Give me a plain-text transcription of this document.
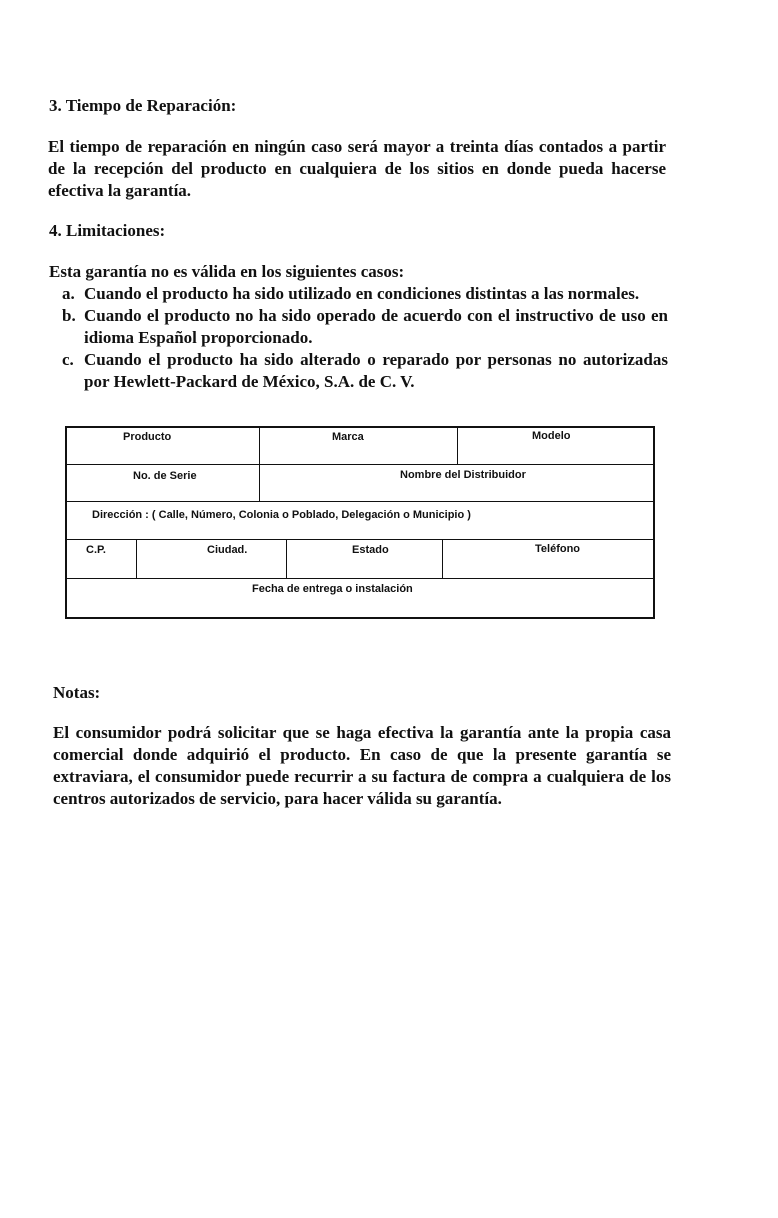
3. Tiempo de Reparación:

El tiempo de reparación en ningún caso será mayor a treinta días contados a partir de la recepción del producto en cualquiera de los sitios en donde pueda hacerse efectiva la garantía.

4. Limitaciones:

Esta garantía no es válida en los siguientes casos:

a. Cuando el producto ha sido utilizado en condiciones distintas a las normales.
b. Cuando el producto no ha sido operado de acuerdo con el instructivo de uso en idioma Español proporcionado.
c. Cuando el producto ha sido alterado o reparado por personas no autorizadas por Hewlett-Packard de México, S.A. de C. V.
Producto	Marca	Modelo
No. de Serie	Nombre del Distribuidor
Dirección : ( Calle, Número, Colonia o Poblado, Delegación o Municipio )
C.P.	Ciudad.	Estado	Teléfono
Fecha de entrega o instalación
Notas:

El consumidor podrá solicitar que se haga efectiva la garantía ante la propia casa comercial donde adquirió el producto. En caso de que la presente garantía se extraviara, el consumidor puede recurrir a su factura de compra a cualquiera de los centros autorizados de servicio, para hacer válida su garantía.
